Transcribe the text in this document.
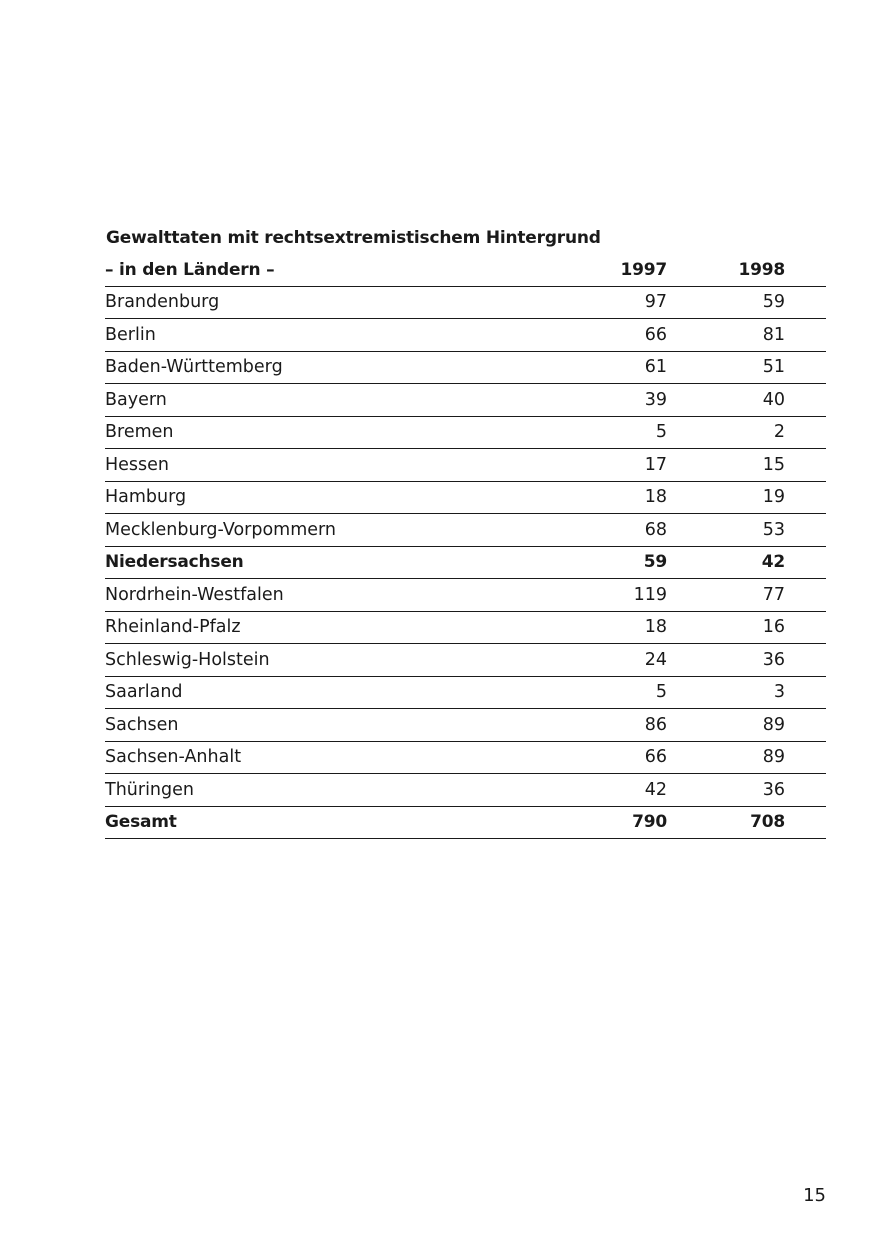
Gewalttaten mit rechtsextremistischem Hintergrund
– in den Ländern –	1997	1998	
Brandenburg	97	59	
Berlin	66	81	
Baden-Württemberg	61	51	
Bayern	39	40	
Bremen	5	2	
Hessen	17	15	
Hamburg	18	19	
Mecklenburg-Vorpommern	68	53	
Niedersachsen	59	42	
Nordrhein-Westfalen	119	77	
Rheinland-Pfalz	18	16	
Schleswig-Holstein	24	36	
Saarland	5	3	
Sachsen	86	89	
Sachsen-Anhalt	66	89	
Thüringen	42	36	
Gesamt	790	708	
15
